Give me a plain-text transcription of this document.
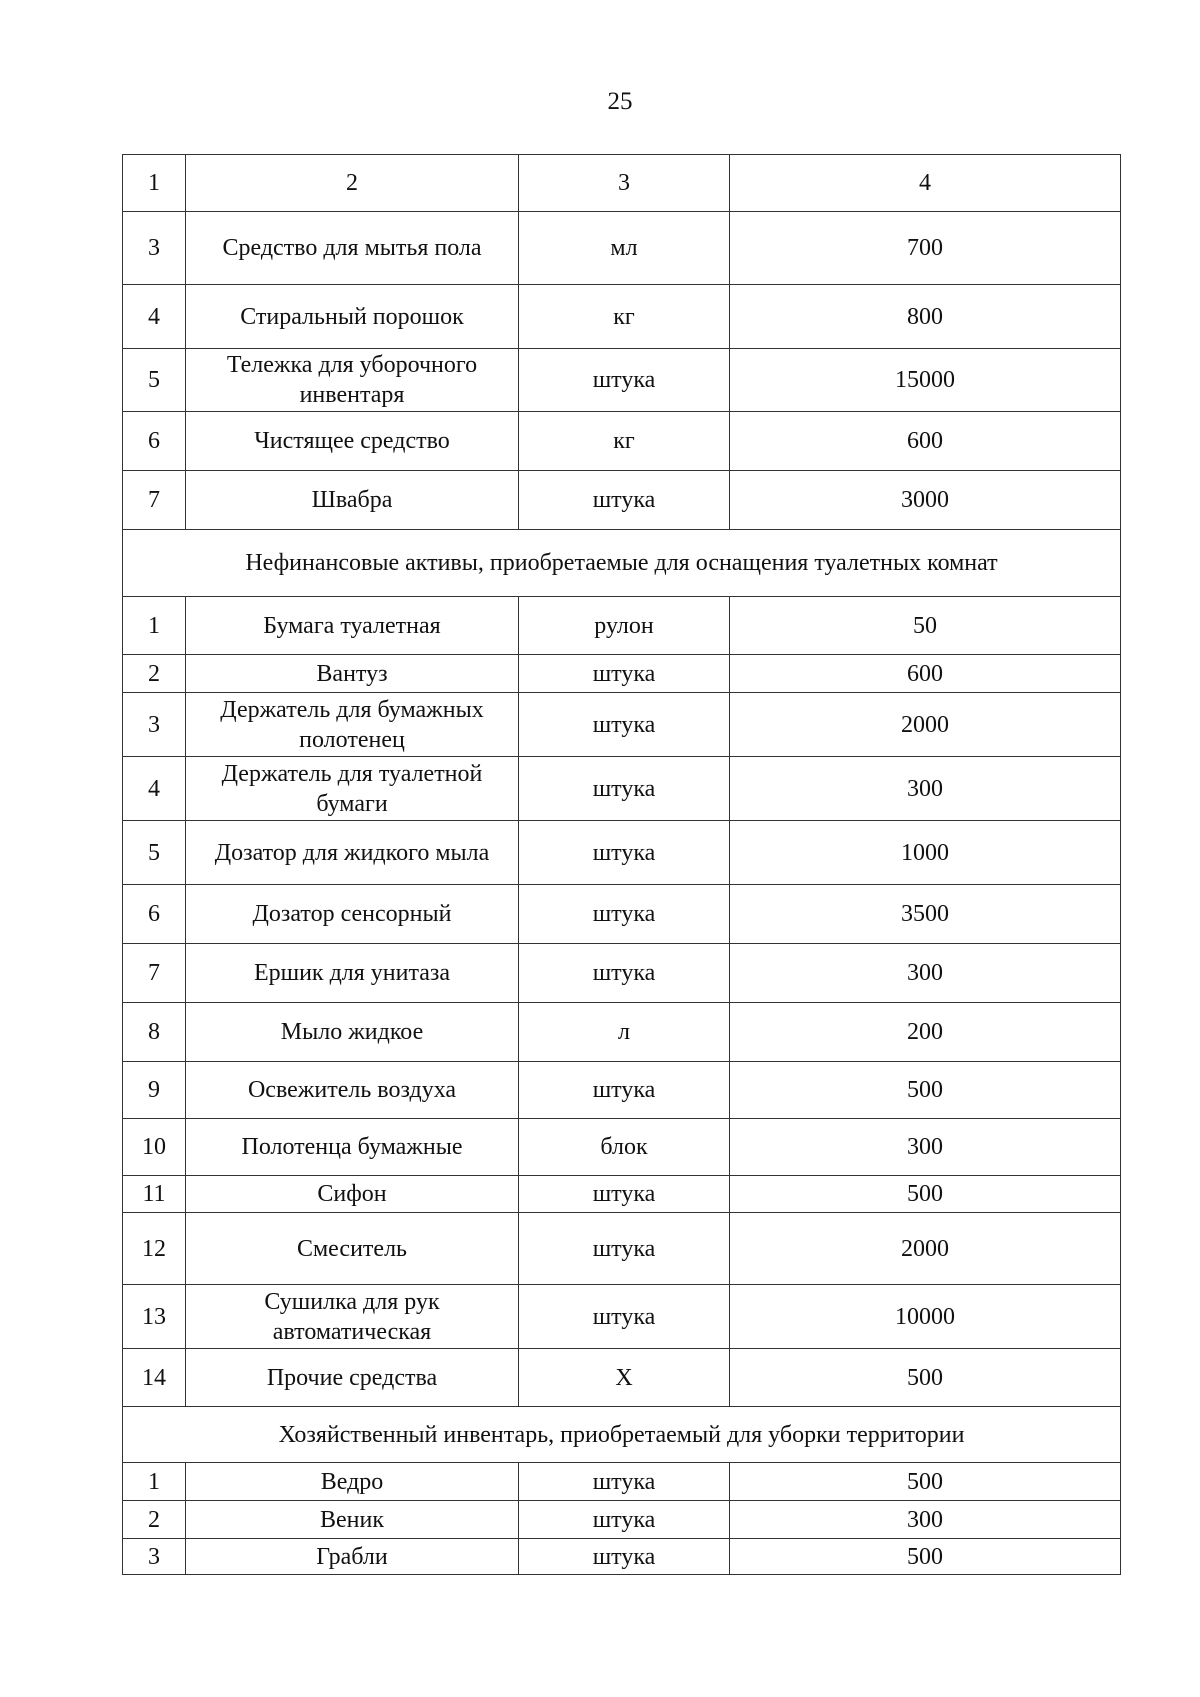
25
1	2	3	4
3	Средство для мытья пола	мл	700
4	Стиральный порошок	кг	800
5	Тележка для уборочного инвентаря	штука	15000
6	Чистящее средство	кг	600
7	Швабра	штука	3000
Нефинансовые активы, приобретаемые для оснащения туалетных комнат			
1	Бумага туалетная	рулон	50
2	Вантуз	штука	600
3	Держатель для бумажных полотенец	штука	2000
4	Держатель для туалетной бумаги	штука	300
5	Дозатор для жидкого мыла	штука	1000
6	Дозатор сенсорный	штука	3500
7	Ершик для унитаза	штука	300
8	Мыло жидкое	л	200
9	Освежитель воздуха	штука	500
10	Полотенца бумажные	блок	300
11	Сифон	штука	500
12	Смеситель	штука	2000
13	Сушилка для рук автоматическая	штука	10000
14	Прочие средства	Х	500
Хозяйственный инвентарь, приобретаемый для уборки территории			
1	Ведро	штука	500
2	Веник	штука	300
3	Грабли	штука	500
